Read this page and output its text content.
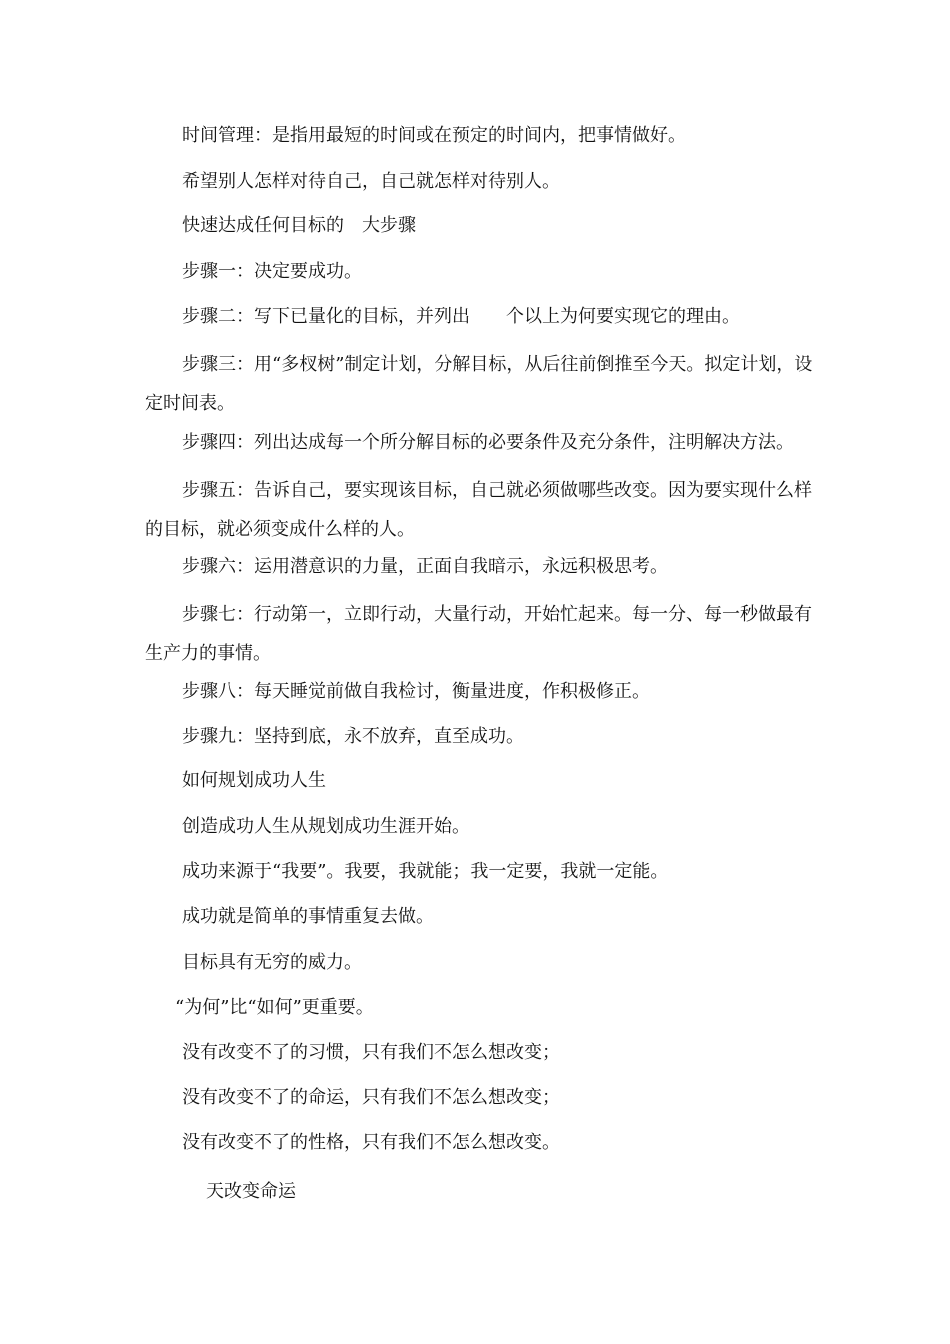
时间管理：是指用最短的时间或在预定的时间内，把事情做好。

希望别人怎样对待自己，自己就怎样对待别人。

快速达成任何目标的　大步骤

步骤一：决定要成功。

步骤二：写下已量化的目标，并列出　　个以上为何要实现它的理由。

步骤三：用“多杈树”制定计划，分解目标，从后往前倒推至今天。拟定计划，设定时间表。

步骤四：列出达成每一个所分解目标的必要条件及充分条件，注明解决方法。

步骤五：告诉自己，要实现该目标，自己就必须做哪些改变。因为要实现什么样的目标，就必须变成什么样的人。

步骤六：运用潜意识的力量，正面自我暗示，永远积极思考。

步骤七：行动第一，立即行动，大量行动，开始忙起来。每一分、每一秒做最有生产力的事情。

步骤八：每天睡觉前做自我检讨，衡量进度，作积极修正。

步骤九：坚持到底，永不放弃，直至成功。

如何规划成功人生

创造成功人生从规划成功生涯开始。

成功来源于“我要”。我要，我就能；我一定要，我就一定能。

成功就是简单的事情重复去做。

目标具有无穷的威力。

“为何”比“如何”更重要。

没有改变不了的习惯，只有我们不怎么想改变；

没有改变不了的命运，只有我们不怎么想改变；

没有改变不了的性格，只有我们不怎么想改变。

天改变命运
